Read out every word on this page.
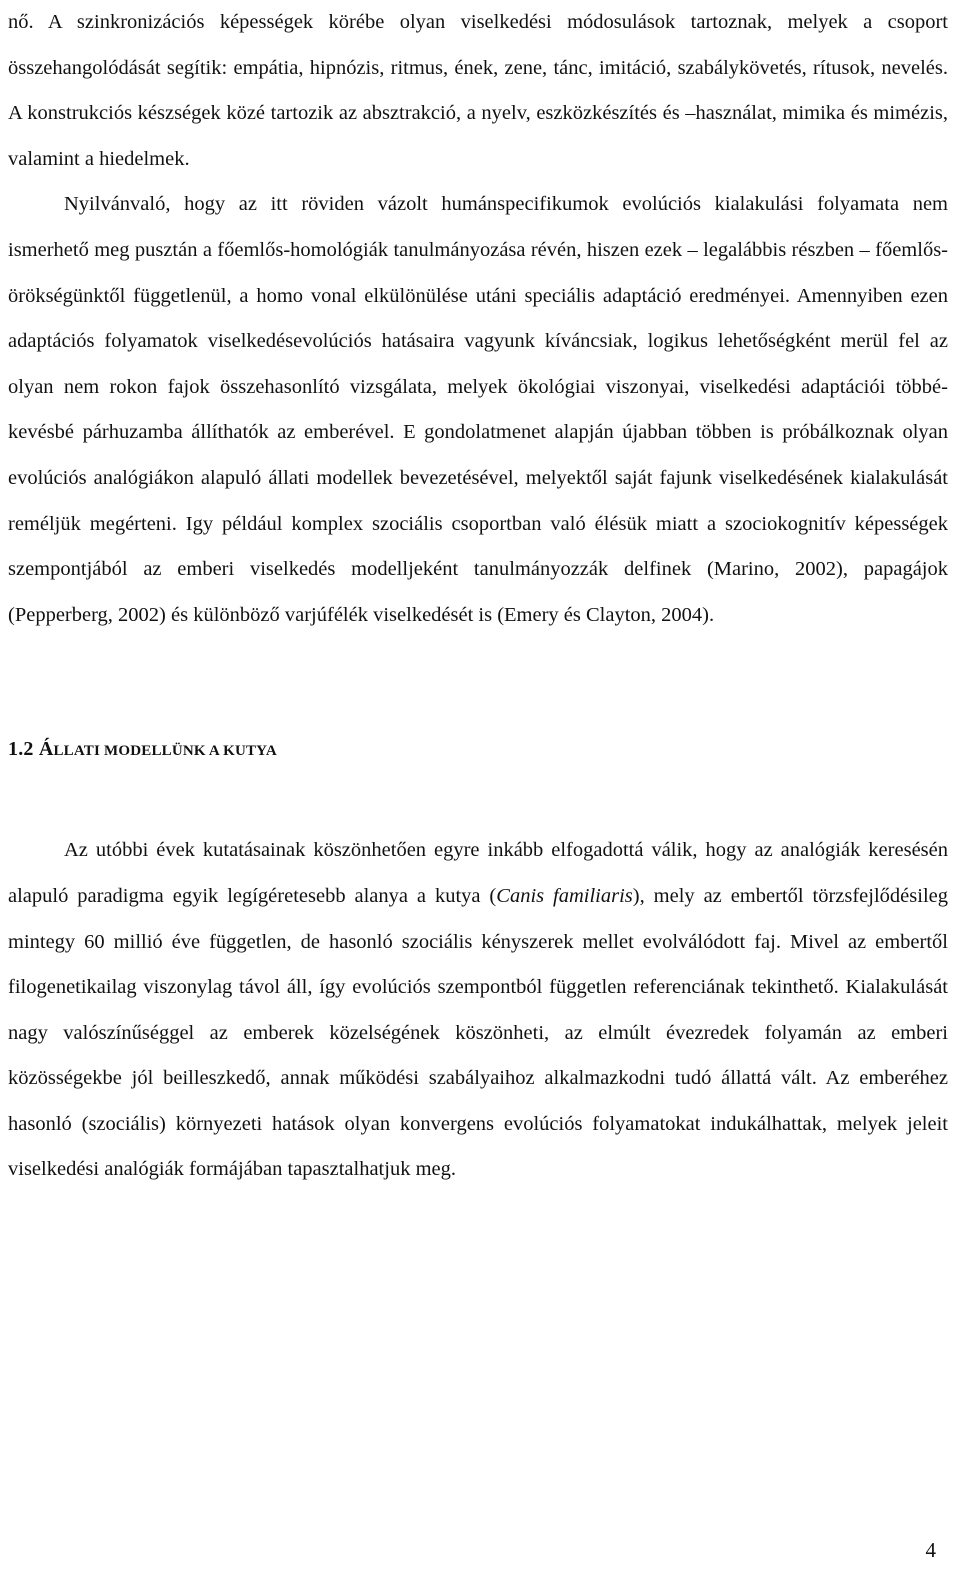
nő. A szinkronizációs képességek körébe olyan viselkedési módosulások tartoznak, melyek a csoport összehangolódását segítik: empátia, hipnózis, ritmus, ének, zene, tánc, imitáció, szabálykövetés, rítusok, nevelés. A konstrukciós készségek közé tartozik az absztrakció, a nyelv, eszközkészítés és –használat, mimika és mimézis, valamint a hiedelmek.

Nyilvánvaló, hogy az itt röviden vázolt humánspecifikumok evolúciós kialakulási folyamata nem ismerhető meg pusztán a főemlős-homológiák tanulmányozása révén, hiszen ezek – legalábbis részben – főemlős-örökségünktől függetlenül, a homo vonal elkülönülése utáni speciális adaptáció eredményei. Amennyiben ezen adaptációs folyamatok viselkedésevolúciós hatásaira vagyunk kíváncsiak, logikus lehetőségként merül fel az olyan nem rokon fajok összehasonlító vizsgálata, melyek ökológiai viszonyai, viselkedési adaptációi többé-kevésbé párhuzamba állíthatók az emberével. E gondolatmenet alapján újabban többen is próbálkoznak olyan evolúciós analógiákon alapuló állati modellek bevezetésével, melyektől saját fajunk viselkedésének kialakulását reméljük megérteni. Igy például komplex szociális csoportban való élésük miatt a szociokognitív képességek szempontjából az emberi viselkedés modelljeként tanulmányozzák delfinek (Marino, 2002), papagájok (Pepperberg, 2002) és különböző varjúfélék viselkedését is (Emery és Clayton, 2004).

1.2 ÁLLATI MODELLÜNK A KUTYA

Az utóbbi évek kutatásainak köszönhetően egyre inkább elfogadottá válik, hogy az analógiák keresésén alapuló paradigma egyik legígéretesebb alanya a kutya (Canis familiaris), mely az embertől törzsfejlődésileg mintegy 60 millió éve független, de hasonló szociális kényszerek mellet evolválódott faj. Mivel az embertől filogenetikailag viszonylag távol áll, így evolúciós szempontból független referenciának tekinthető. Kialakulását nagy valószínűséggel az emberek közelségének köszönheti, az elmúlt évezredek folyamán az emberi közösségekbe jól beilleszkedő, annak működési szabályaihoz alkalmazkodni tudó állattá vált. Az emberéhez hasonló (szociális) környezeti hatások olyan konvergens evolúciós folyamatokat indukálhattak, melyek jeleit viselkedési analógiák formájában tapasztalhatjuk meg.

4
